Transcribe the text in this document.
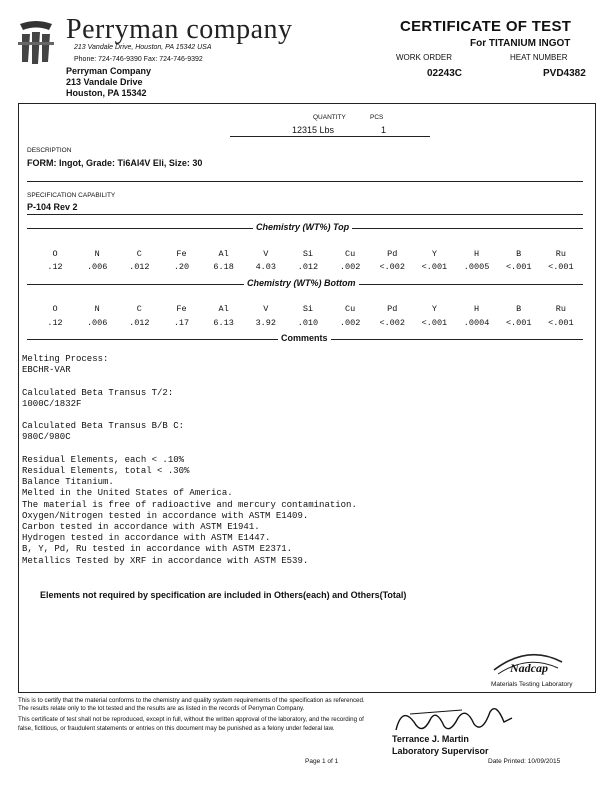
Perryman company
213 Vandale Drive, Houston, PA 15342 USA
Phone: 724-746-9390 Fax: 724-746-9392
Perryman Company
213 Vandale Drive
Houston, PA 15342
CERTIFICATE OF TEST
For TITANIUM INGOT
WORK ORDER
02243C
HEAT NUMBER
PVD4382
QUANTITY	PCS
12315 Lbs	1
DESCRIPTION
FORM: Ingot, Grade: Ti6Al4V Eli, Size: 30
SPECIFICATION CAPABILITY
P-104 Rev 2
Chemistry (WT%) Top
O	N	C	Fe	Al	V	Si	Cu	Pd	Y	H	B	Ru
.12	.006	.012	.20	6.18	4.03	.012	.002	<.002	<.001	.0005	<.001	<.001
Chemistry (WT%) Bottom
O	N	C	Fe	Al	V	Si	Cu	Pd	Y	H	B	Ru
.12	.006	.012	.17	6.13	3.92	.010	.002	<.002	<.001	.0004	<.001	<.001
Comments
Melting Process:
EBCHR-VAR

Calculated Beta Transus T/2:
1000C/1832F

Calculated Beta Transus B/B C:
980C/980C

Residual Elements, each < .10%
Residual Elements, total < .30%
Balance Titanium.
Melted in the United States of America.
The material is free of radioactive and mercury contamination.
Oxygen/Nitrogen tested in accordance with ASTM E1409.
Carbon tested in accordance with ASTM E1941.
Hydrogen tested in accordance with ASTM E1447.
B, Y, Pd, Ru tested in accordance with ASTM E2371.
Metallics Tested by XRF in accordance with ASTM E539.
Elements not required by specification are included in Others(each) and Others(Total)
Nadcap
Materials Testing Laboratory
This is to certify that the material conforms to the chemistry and quality system requirements of the specification as referenced. The results relate only to the lot tested and the results are as listed in the records of Perryman Company.
This certificate of test shall not be reproduced, except in full, without the written approval of the laboratory, and the recording of false, fictitious, or fraudulent statements or entries on this document may be punished as a felony under federal law.
Terrance J. Martin
Laboratory Supervisor
Page 1 of 1	Date Printed: 10/09/2015
